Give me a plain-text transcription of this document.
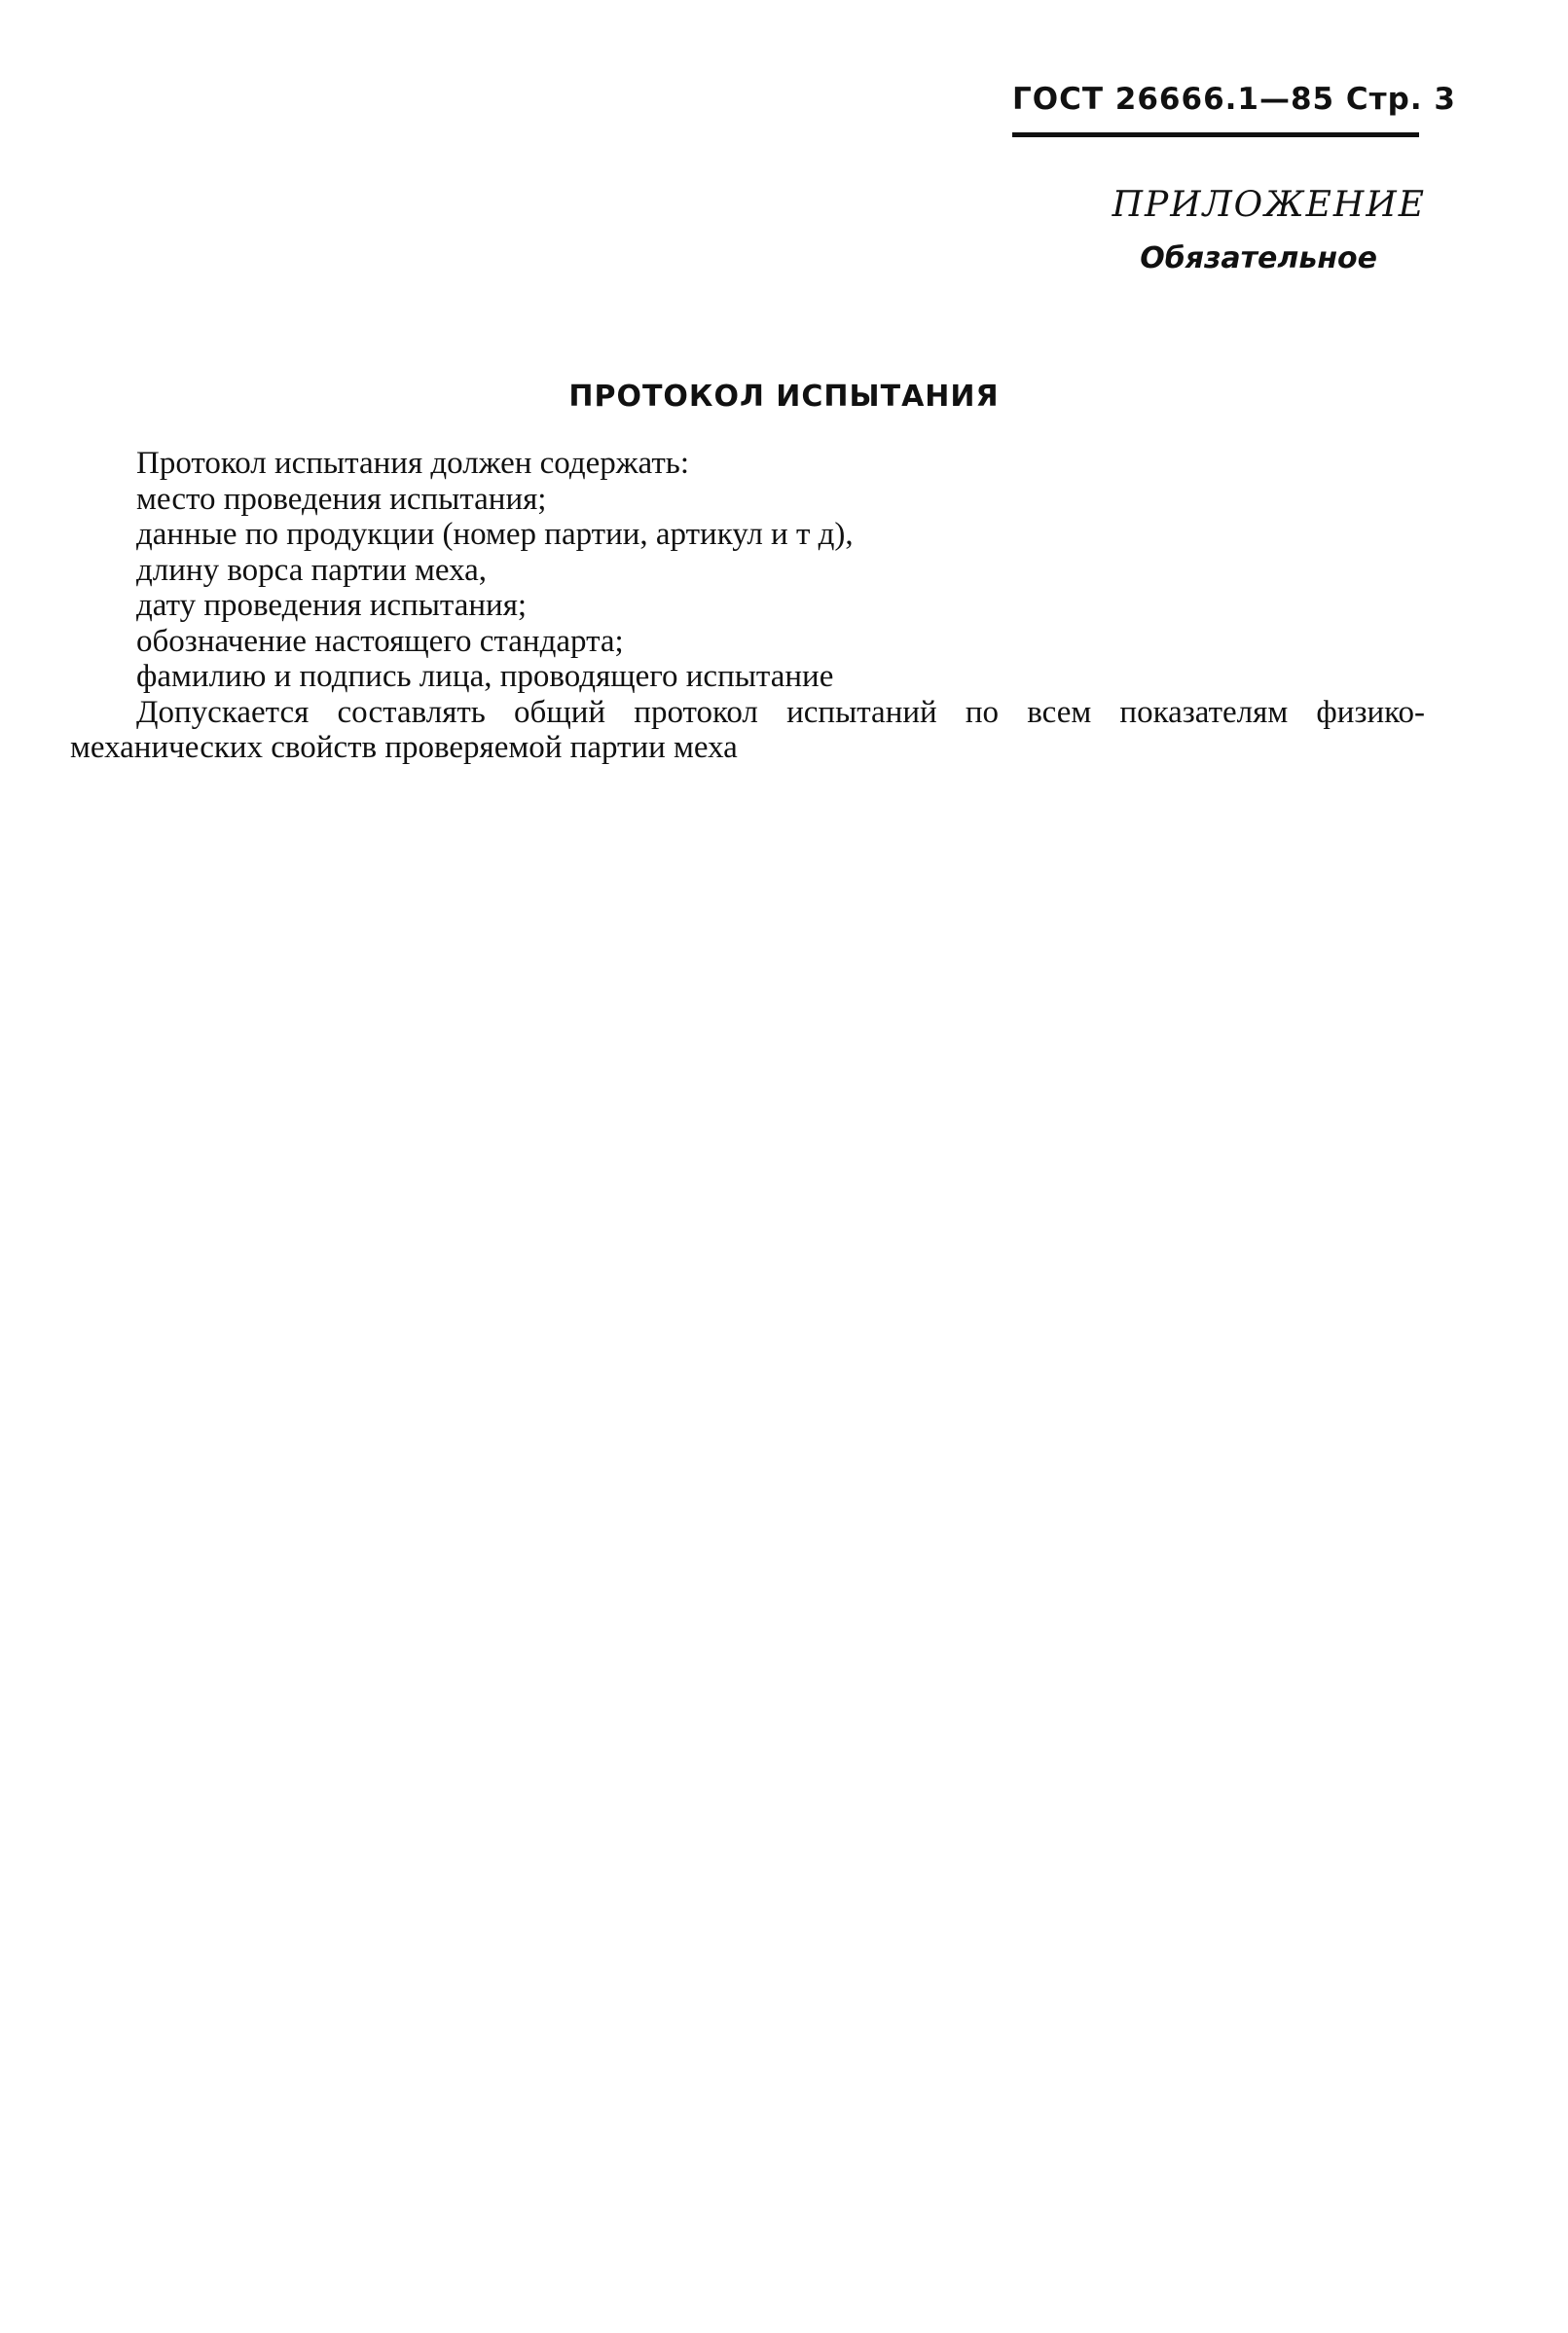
ГОСТ 26666.1—85 Стр. 3
ПРИЛОЖЕНИЕ
Обязательное
ПРОТОКОЛ ИСПЫТАНИЯ

Протокол испытания должен содержать:

место проведения испытания;

данные по продукции (номер партии, артикул и т д),

длину ворса партии меха,

дату проведения испытания;

обозначение настоящего стандарта;

фамилию и подпись лица, проводящего испытание

Допускается составлять общий протокол испытаний по всем показателям физико-механических свойств проверяемой партии меха
